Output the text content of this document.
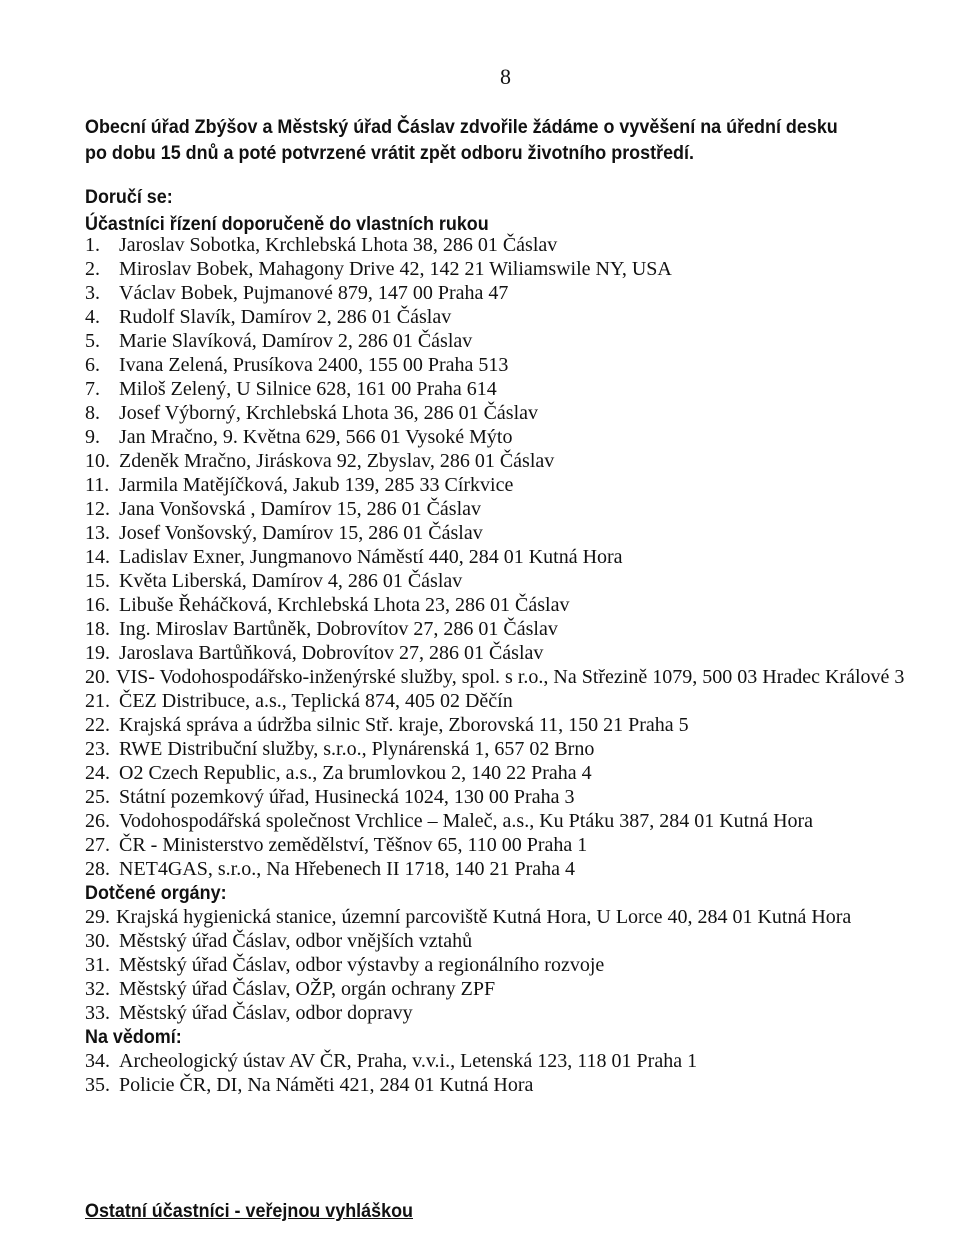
8
Obecní úřad Zbýšov a Městský úřad Čáslav zdvořile žádáme o vyvěšení na úřední desku po dobu 15 dnů a poté potvrzené vrátit zpět odboru životního prostředí.
Doručí se:
Účastníci řízení doporučeně do vlastních rukou
1. Jaroslav Sobotka, Krchlebská Lhota 38, 286 01 Čáslav
2. Miroslav Bobek, Mahagony Drive 42, 142 21 Wiliamswile NY, USA
3. Václav Bobek, Pujmanové 879, 147 00 Praha 47
4. Rudolf Slavík, Damírov 2, 286 01 Čáslav
5. Marie Slavíková, Damírov 2, 286 01 Čáslav
6. Ivana Zelená, Prusíkova 2400, 155 00 Praha 513
7. Miloš Zelený, U Silnice 628, 161 00 Praha 614
8. Josef Výborný, Krchlebská Lhota 36, 286 01 Čáslav
9. Jan Mračno, 9. Května 629, 566 01 Vysoké Mýto
10. Zdeněk Mračno, Jiráskova 92, Zbyslav, 286 01 Čáslav
11. Jarmila Matějíčková, Jakub 139, 285 33 Církvice
12. Jana Vonšovská , Damírov 15, 286 01 Čáslav
13. Josef Vonšovský, Damírov 15, 286 01 Čáslav
14. Ladislav Exner, Jungmanovo Náměstí 440, 284 01 Kutná Hora
15. Květa Liberská, Damírov 4, 286 01 Čáslav
16. Libuše Řeháčková, Krchlebská Lhota 23, 286 01 Čáslav
18. Ing. Miroslav Bartůněk, Dobrovítov 27, 286 01 Čáslav
19. Jaroslava Bartůňková, Dobrovítov 27, 286 01 Čáslav
20. VIS- Vodohospodářsko-inženýrské služby, spol. s r.o., Na Střezině 1079, 500 03 Hradec Králové 3
21. ČEZ Distribuce, a.s., Teplická 874, 405 02 Děčín
22. Krajská správa a údržba silnic Stř. kraje, Zborovská 11, 150 21 Praha 5
23. RWE Distribuční služby, s.r.o., Plynárenská 1, 657 02 Brno
24. O2 Czech Republic, a.s., Za brumlovkou 2, 140 22 Praha 4
25. Státní pozemkový úřad, Husinecká 1024, 130 00 Praha 3
26. Vodohospodářská společnost Vrchlice – Maleč, a.s., Ku Ptáku 387, 284 01 Kutná Hora
27. ČR - Ministerstvo zemědělství, Těšnov 65, 110 00 Praha 1
28. NET4GAS, s.r.o., Na Hřebenech II 1718, 140 21 Praha 4
Dotčené orgány:
29. Krajská hygienická stanice, územní parcoviště Kutná Hora, U Lorce 40, 284 01 Kutná Hora
30. Městský úřad Čáslav, odbor vnějších vztahů
31. Městský úřad Čáslav, odbor výstavby a regionálního rozvoje
32. Městský úřad Čáslav, OŽP, orgán ochrany ZPF
33. Městský úřad Čáslav, odbor dopravy
Na vědomí:
34. Archeologický ústav AV ČR, Praha, v.v.i., Letenská 123, 118 01 Praha 1
35. Policie ČR, DI, Na Náměti 421, 284 01 Kutná Hora
Ostatní účastníci - veřejnou vyhláškou
